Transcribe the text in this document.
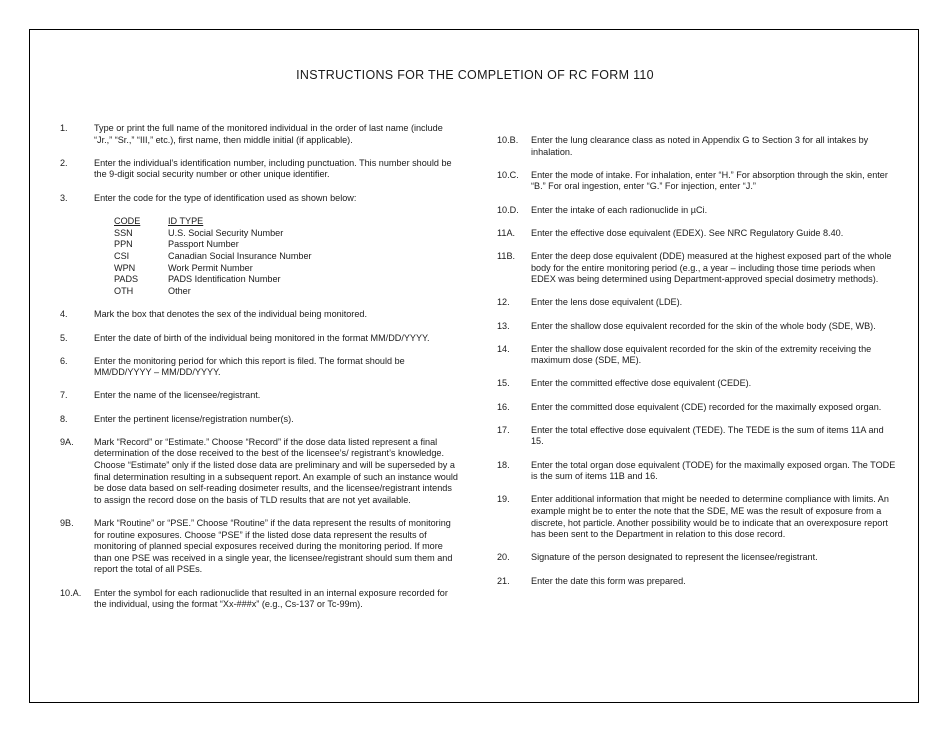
INSTRUCTIONS FOR THE COMPLETION OF RC FORM 110
1.	Type or print the full name of the monitored individual in the order of last name (include “Jr.,” “Sr.,” “III,” etc.), first name, then middle initial (if applicable).
2.	Enter the individual’s identification number, including punctuation. This number should be the 9-digit social security number or other unique identifier.
3.	Enter the code for the type of identification used as shown below:
CODE	ID TYPE
SSN	U.S. Social Security Number
PPN	Passport Number
CSI	Canadian Social Insurance Number
WPN	Work Permit Number
PADS	PADS Identification Number
OTH	Other
4.	Mark the box that denotes the sex of the individual being monitored.
5.	Enter the date of birth of the individual being monitored in the format MM/DD/YYYY.
6.	Enter the monitoring period for which this report is filed. The format should be MM/DD/YYYY – MM/DD/YYYY.
7.	Enter the name of the licensee/registrant.
8.	Enter the pertinent license/registration number(s).
9A.	Mark “Record” or “Estimate.” Choose “Record” if the dose data listed represent a final determination of the dose received to the best of the licensee’s/ registrant’s knowledge. Choose “Estimate” only if the listed dose data are preliminary and will be superseded by a final determination resulting in a subsequent report. An example of such an instance would be dose data based on self-reading dosimeter results, and the licensee/registrant intends to assign the record dose on the basis of TLD results that are not yet available.
9B.	Mark “Routine” or “PSE.” Choose “Routine” if the data represent the results of monitoring for routine exposures. Choose “PSE” if the listed dose data represent the results of monitoring of planned special exposures received during the monitoring period. If more than one PSE was received in a single year, the licensee/registrant should sum them and report the total of all PSEs.
10.A.	Enter the symbol for each radionuclide that resulted in an internal exposure recorded for the individual, using the format “Xx-###x” (e.g., Cs-137 or Tc-99m).
10.B.	Enter the lung clearance class as noted in Appendix G to Section 3 for all intakes by inhalation.
10.C.	Enter the mode of intake. For inhalation, enter “H.” For absorption through the skin, enter “B.” For oral ingestion, enter “G.” For injection, enter “J.”
10.D.	Enter the intake of each radionuclide in µCi.
11A.	Enter the effective dose equivalent (EDEX). See NRC Regulatory Guide 8.40.
11B.	Enter the deep dose equivalent (DDE) measured at the highest exposed part of the whole body for the entire monitoring period (e.g., a year – including those time periods when EDEX was being determined using Department-approved special dosimetry methods).
12.	Enter the lens dose equivalent (LDE).
13.	Enter the shallow dose equivalent recorded for the skin of the whole body (SDE, WB).
14.	Enter the shallow dose equivalent recorded for the skin of the extremity receiving the maximum dose (SDE, ME).
15.	Enter the committed effective dose equivalent (CEDE).
16.	Enter the committed dose equivalent (CDE) recorded for the maximally exposed organ.
17.	Enter the total effective dose equivalent (TEDE). The TEDE is the sum of items 11A and 15.
18.	Enter the total organ dose equivalent (TODE) for the maximally exposed organ. The TODE is the sum of items 11B and 16.
19.	Enter additional information that might be needed to determine compliance with limits. An example might be to enter the note that the SDE, ME was the result of exposure from a discrete, hot particle. Another possibility would be to indicate that an overexposure report has been sent to the Department in relation to this dose record.
20.	Signature of the person designated to represent the licensee/registrant.
21.	Enter the date this form was prepared.
